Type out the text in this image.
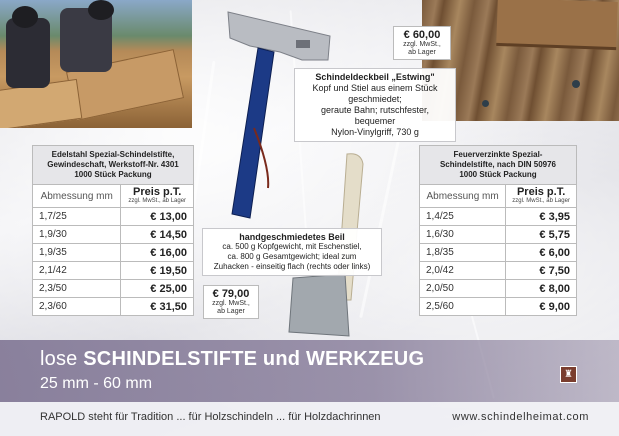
€ 60,00
zzgl. MwSt.,
ab Lager
Schindeldeckbeil „Estwing"
Kopf und Stiel aus einem Stück geschmiedet;
geraute Bahn; rutschfester, bequemer
Nylon-Vinylgriff, 730 g
handgeschmiedetes Beil
ca. 500 g Kopfgewicht, mit Eschenstiel,
ca. 800 g Gesamtgewicht; ideal zum
Zuhacken - einseitig flach (rechts oder links)
€ 79,00
zzgl. MwSt.,
ab Lager
Edelstahl Spezial-Schindelstifte,
Gewindeschaft, Werkstoff-Nr. 4301
1000 Stück Packung	

Abmessung mm	Preis p.T.
zzgl. MwSt., ab Lager

1,7/25	€ 13,00
1,9/30	€ 14,50
1,9/35	€ 16,00
2,1/42	€ 19,50
2,3/50	€ 25,00
2,3/60	€ 31,50
Feuerverzinkte Spezial-
Schindelstifte, nach DIN 50976
1000 Stück Packung	

Abmessung mm	Preis p.T.
zzgl. MwSt., ab Lager

1,4/25	€ 3,95
1,6/30	€ 5,75
1,8/35	€ 6,00
2,0/42	€ 7,50
2,0/50	€ 8,00
2,5/60	€ 9,00
lose SCHINDELSTIFTE und WERKZEUG
25 mm - 60 mm
♜
RAPOLD steht für Tradition ... für Holzschindeln ... für Holzdachrinnen	www.schindelheimat.com
